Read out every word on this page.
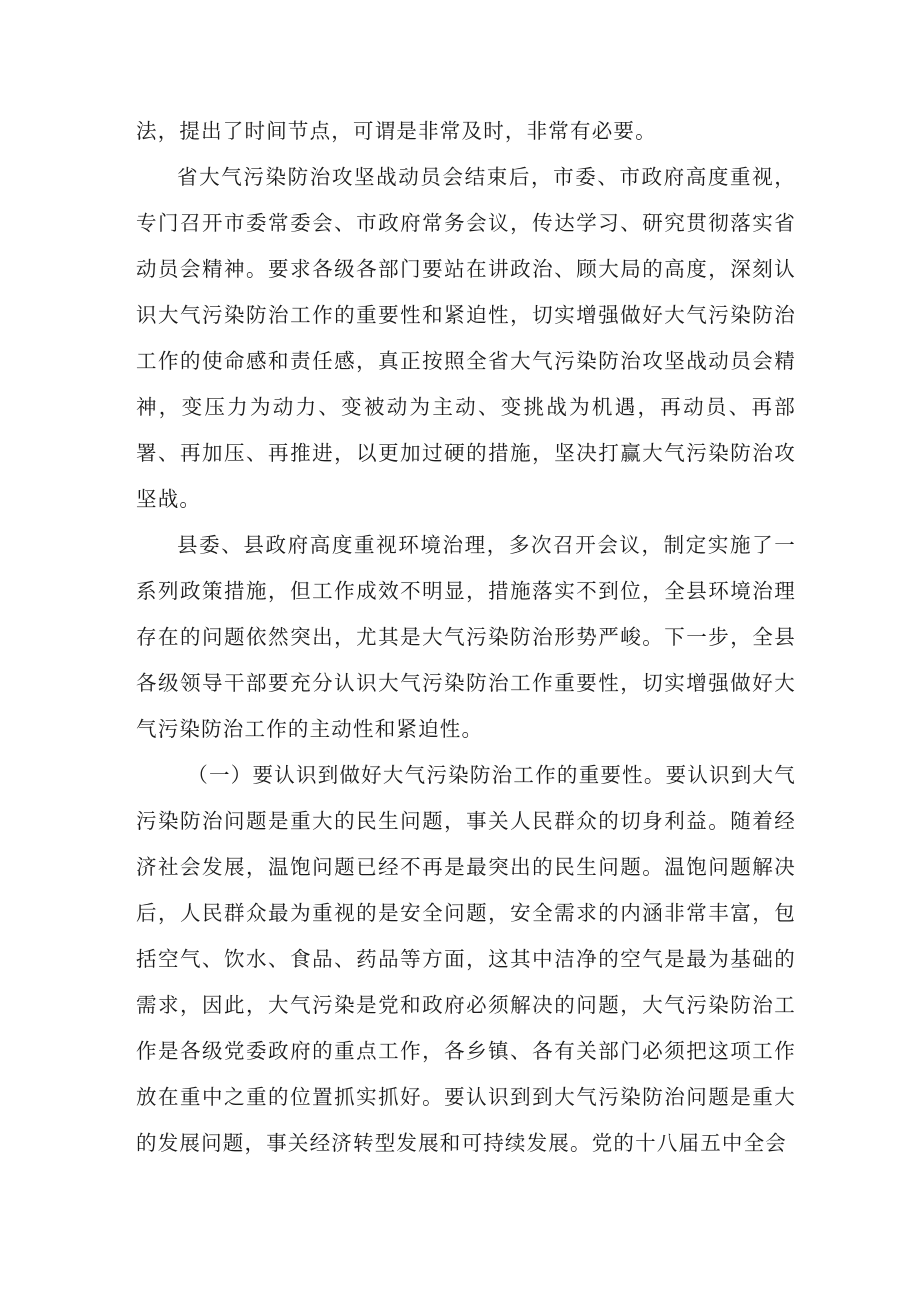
法，提出了时间节点，可谓是非常及时，非常有必要。

省大气污染防治攻坚战动员会结束后，市委、市政府高度重视，专门召开市委常委会、市政府常务会议，传达学习、研究贯彻落实省动员会精神。要求各级各部门要站在讲政治、顾大局的高度，深刻认识大气污染防治工作的重要性和紧迫性，切实增强做好大气污染防治工作的使命感和责任感，真正按照全省大气污染防治攻坚战动员会精神，变压力为动力、变被动为主动、变挑战为机遇，再动员、再部署、再加压、再推进，以更加过硬的措施，坚决打赢大气污染防治攻坚战。

县委、县政府高度重视环境治理，多次召开会议，制定实施了一系列政策措施，但工作成效不明显，措施落实不到位，全县环境治理存在的问题依然突出，尤其是大气污染防治形势严峻。下一步，全县各级领导干部要充分认识大气污染防治工作重要性，切实增强做好大气污染防治工作的主动性和紧迫性。

（一）要认识到做好大气污染防治工作的重要性。要认识到大气污染防治问题是重大的民生问题，事关人民群众的切身利益。随着经济社会发展，温饱问题已经不再是最突出的民生问题。温饱问题解决后，人民群众最为重视的是安全问题，安全需求的内涵非常丰富，包括空气、饮水、食品、药品等方面，这其中洁净的空气是最为基础的需求，因此，大气污染是党和政府必须解决的问题，大气污染防治工作是各级党委政府的重点工作，各乡镇、各有关部门必须把这项工作放在重中之重的位置抓实抓好。要认识到到大气污染防治问题是重大的发展问题，事关经济转型发展和可持续发展。党的十八届五中全会
